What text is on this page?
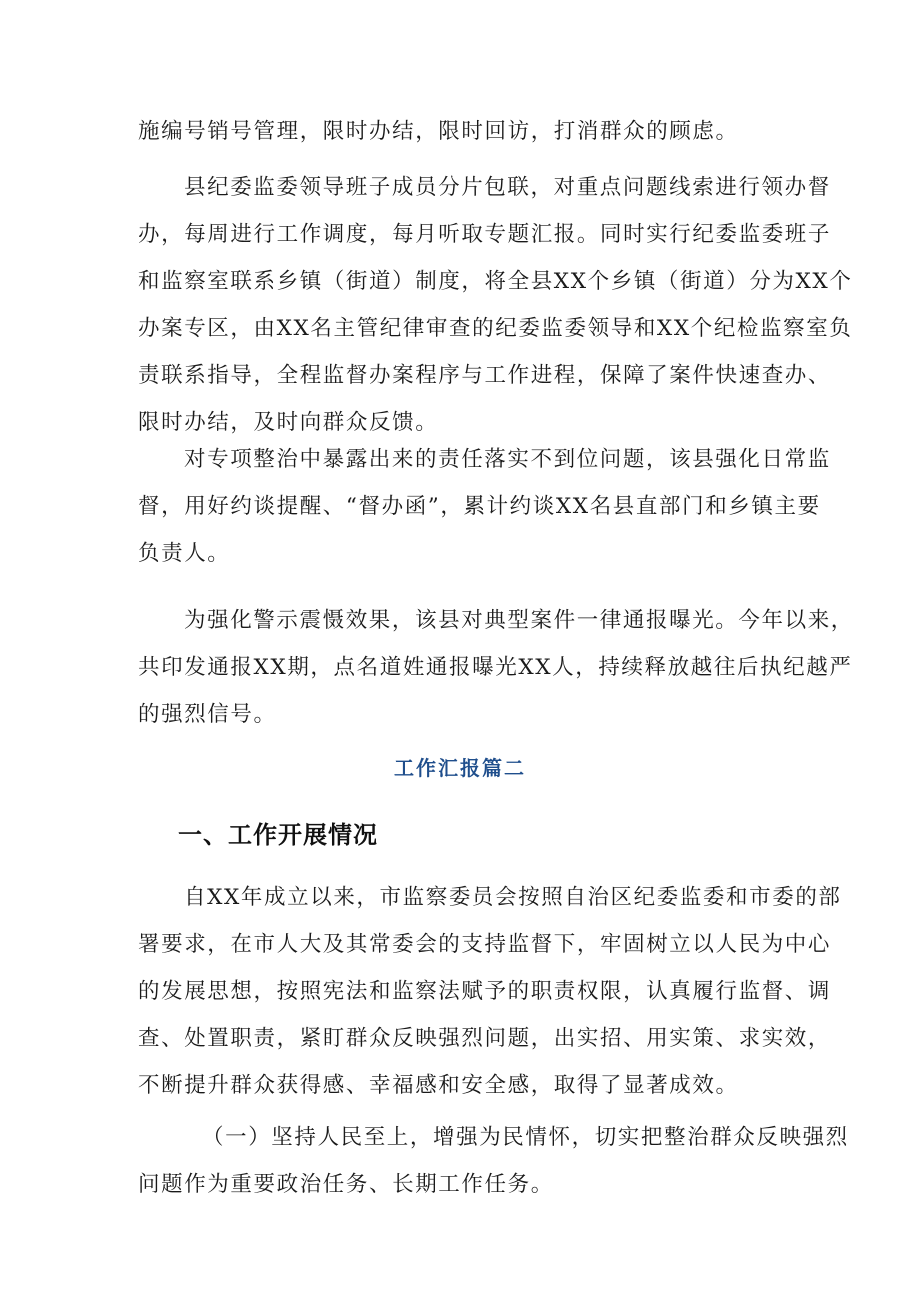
施编号销号管理，限时办结，限时回访，打消群众的顾虑。
县纪委监委领导班子成员分片包联，对重点问题线索进行领办督
办，每周进行工作调度，每月听取专题汇报。同时实行纪委监委班子
和监察室联系乡镇（街道）制度，将全县XX个乡镇（街道）分为XX个
办案专区，由XX名主管纪律审查的纪委监委领导和XX个纪检监察室负
责联系指导，全程监督办案程序与工作进程，保障了案件快速查办、
限时办结，及时向群众反馈。
对专项整治中暴露出来的责任落实不到位问题，该县强化日常监
督，用好约谈提醒、“督办函”，累计约谈XX名县直部门和乡镇主要
负责人。
为强化警示震慑效果，该县对典型案件一律通报曝光。今年以来，
共印发通报XX期，点名道姓通报曝光XX人，持续释放越往后执纪越严
的强烈信号。
工作汇报篇二
一、工作开展情况
自XX年成立以来，市监察委员会按照自治区纪委监委和市委的部
署要求，在市人大及其常委会的支持监督下，牢固树立以人民为中心
的发展思想，按照宪法和监察法赋予的职责权限，认真履行监督、调
查、处置职责，紧盯群众反映强烈问题，出实招、用实策、求实效，
不断提升群众获得感、幸福感和安全感，取得了显著成效。
（一）坚持人民至上，增强为民情怀，切实把整治群众反映强烈
问题作为重要政治任务、长期工作任务。
